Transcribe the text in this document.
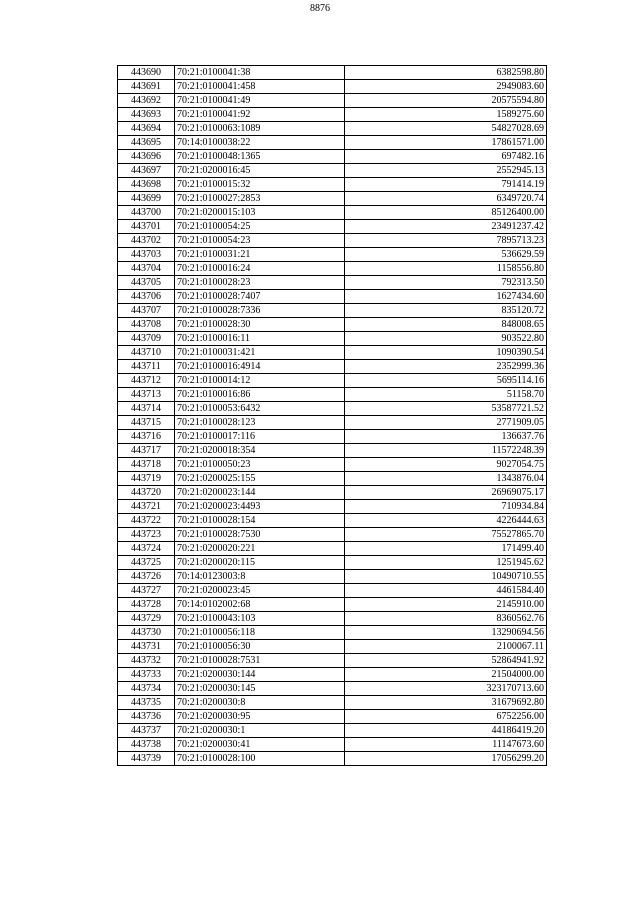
8876
443690	70:21:0100041:38	6382598.80
443691	70:21:0100041:458	2949083.60
443692	70:21:0100041:49	20575594.80
443693	70:21:0100041:92	1589275.60
443694	70:21:0100063:1089	54827028.69
443695	70:14:0100038:22	17861571.00
443696	70:21:0100048:1365	697482.16
443697	70:21:0200016:45	2552945.13
443698	70:21:0100015:32	791414.19
443699	70:21:0100027:2853	6349720.74
443700	70:21:0200015:103	85126400.00
443701	70:21:0100054:25	23491237.42
443702	70:21:0100054:23	7895713.23
443703	70:21:0100031:21	536629.59
443704	70:21:0100016:24	1158556.80
443705	70:21:0100028:23	792313.50
443706	70:21:0100028:7407	1627434.60
443707	70:21:0100028:7336	835120.72
443708	70:21:0100028:30	848008.65
443709	70:21:0100016:11	903522.80
443710	70:21:0100031:421	1090390.54
443711	70:21:0100016:4914	2352999.36
443712	70:21:0100014:12	5695114.16
443713	70:21:0100016:86	51158.70
443714	70:21:0100053:6432	53587721.52
443715	70:21:0100028:123	2771909.05
443716	70:21:0100017:116	136637.76
443717	70:21:0200018:354	11572248.39
443718	70:21:0100050:23	9027054.75
443719	70:21:0200025:155	1343876.04
443720	70:21:0200023:144	26969075.17
443721	70:21:0200023:4493	710934.84
443722	70:21:0100028:154	4226444.63
443723	70:21:0100028:7530	75527865.70
443724	70:21:0200020:221	171499.40
443725	70:21:0200020:115	1251945.62
443726	70:14:0123003:8	10490710.55
443727	70:21:0200023:45	4461584.40
443728	70:14:0102002:68	2145910.00
443729	70:21:0100043:103	8360562.76
443730	70:21:0100056:118	13290694.56
443731	70:21:0100056:30	2100067.11
443732	70:21:0100028:7531	52864941.92
443733	70:21:0200030:144	21504000.00
443734	70:21:0200030:145	323170713.60
443735	70:21:0200030:8	31679692.80
443736	70:21:0200030:95	6752256.00
443737	70:21:0200030:1	44186419.20
443738	70:21:0200030:41	11147673.60
443739	70:21:0100028:100	17056299.20
